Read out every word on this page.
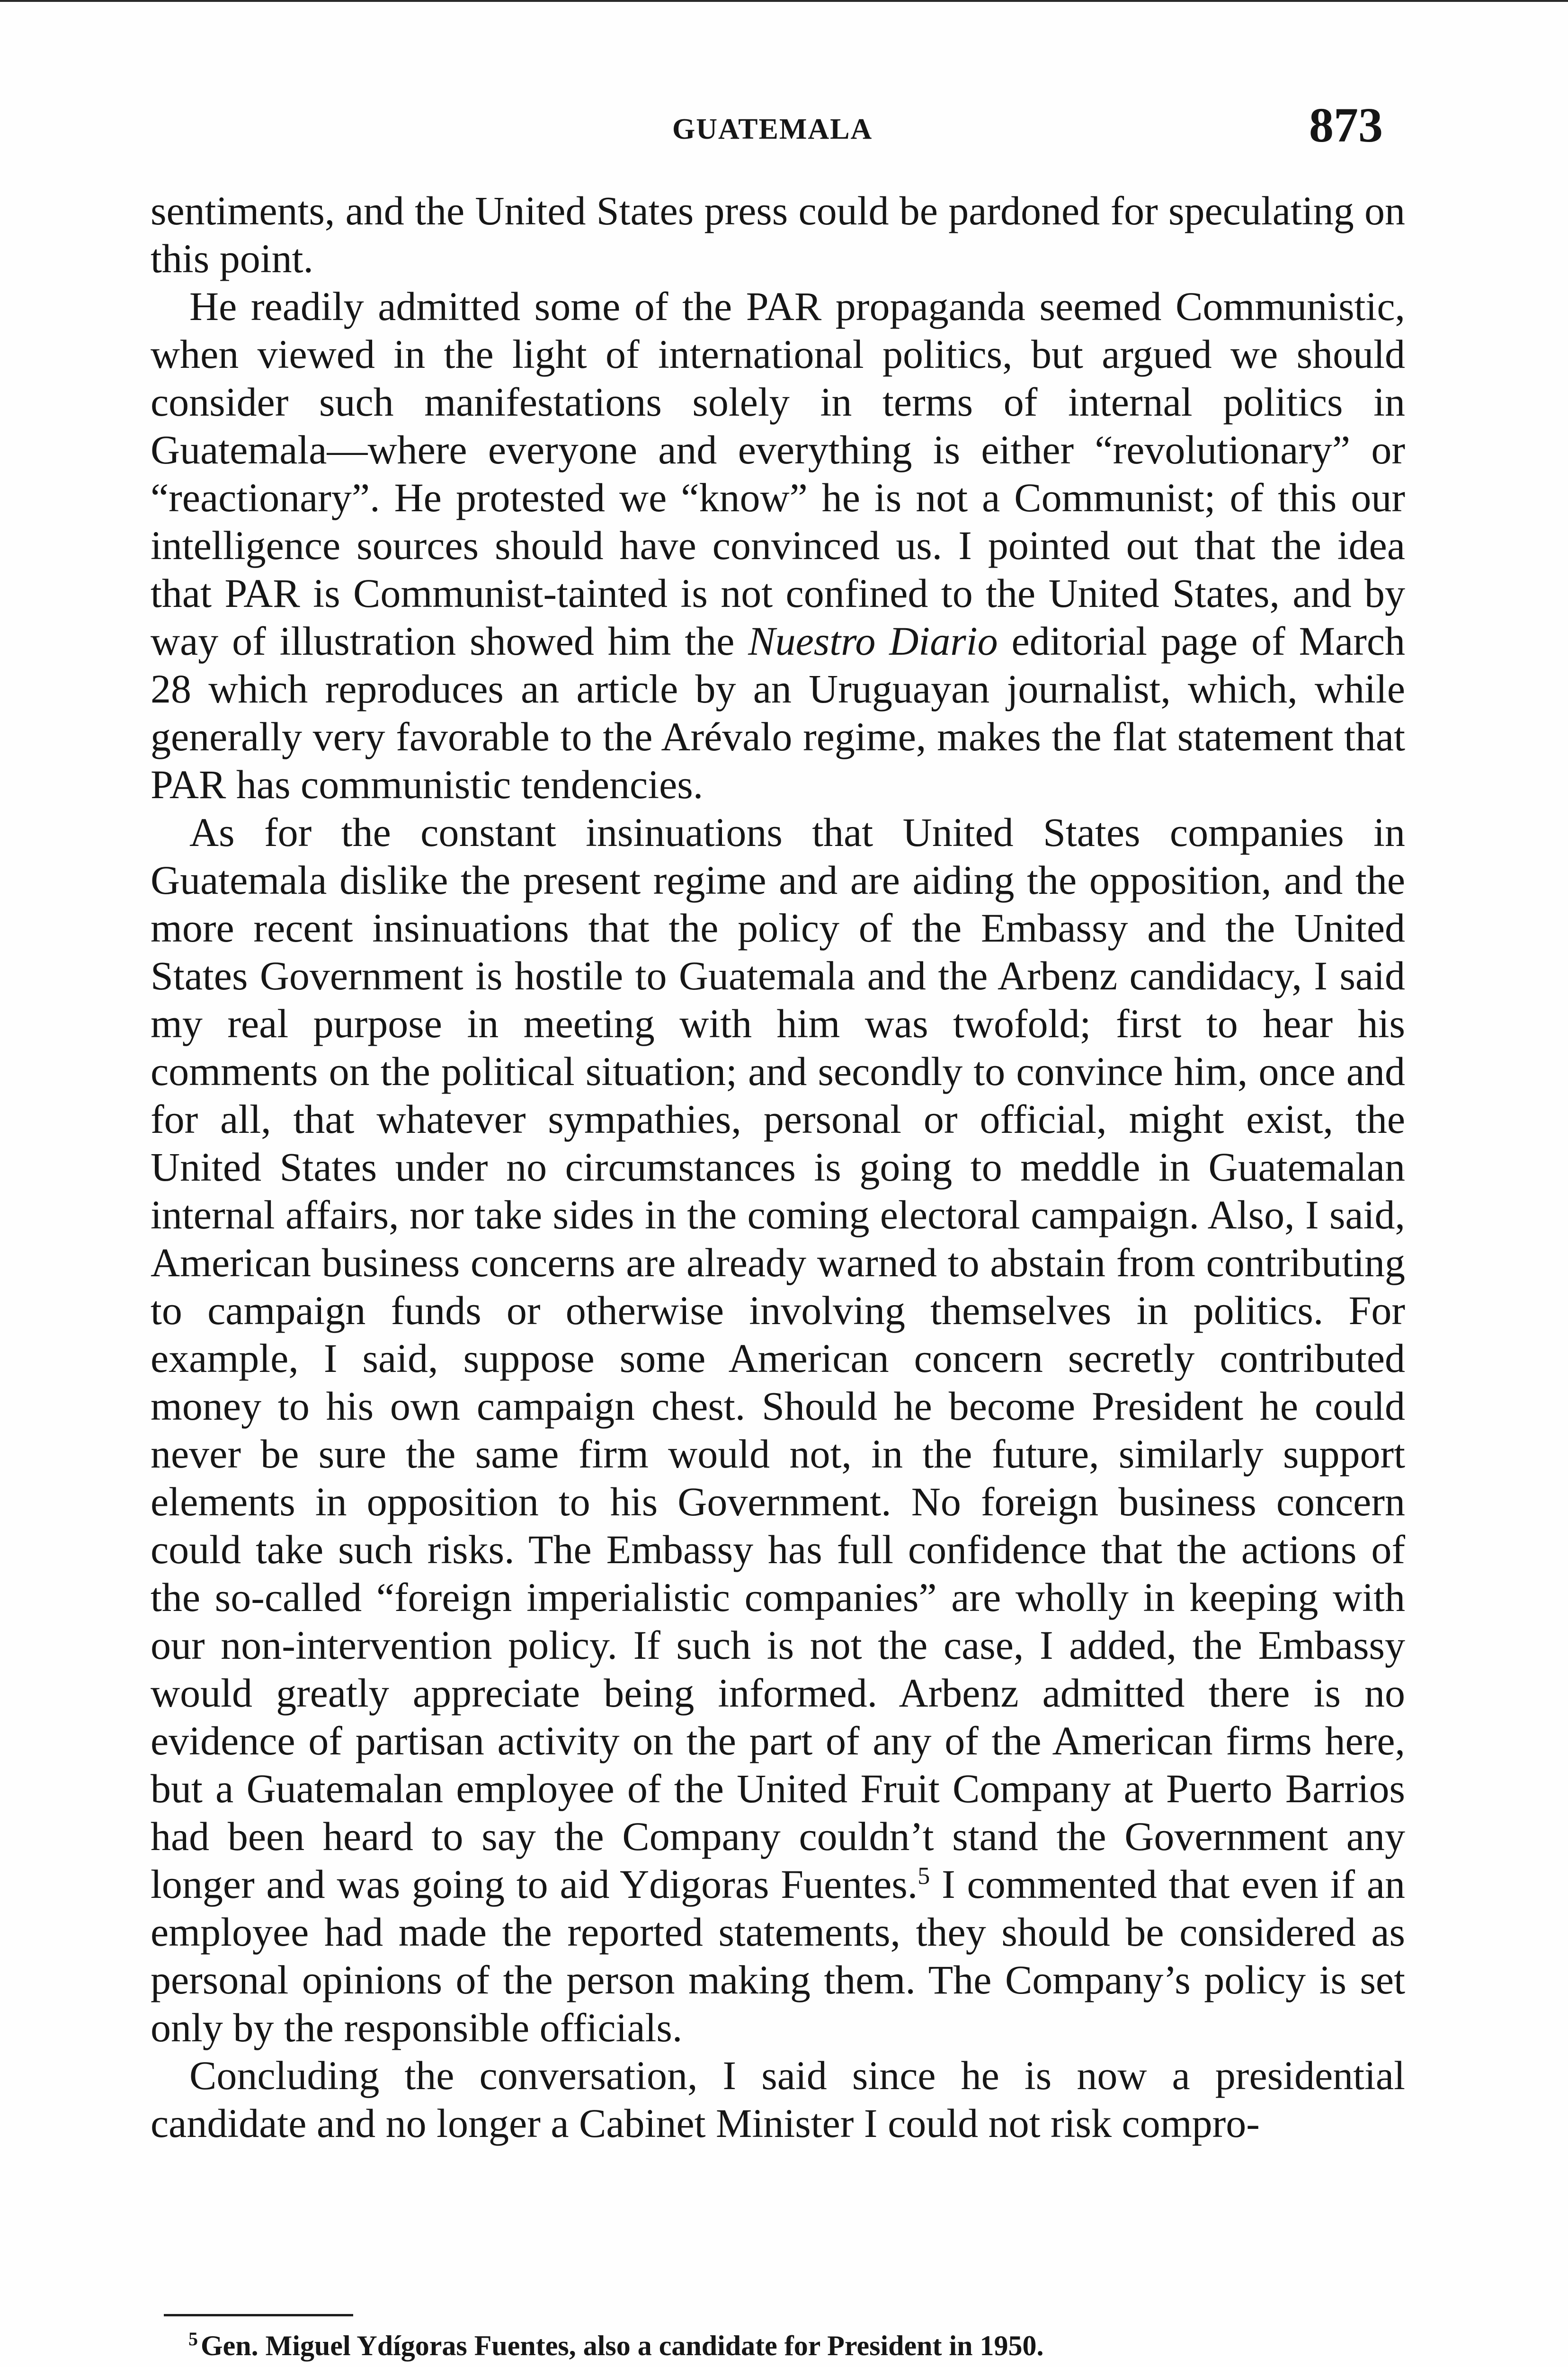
GUATEMALA	873

sentiments, and the United States press could be pardoned for speculating on this point.

He readily admitted some of the PAR propaganda seemed Communistic, when viewed in the light of international politics, but argued we should consider such manifestations solely in terms of internal politics in Guatemala—where everyone and everything is either “revolutionary” or “reactionary”. He protested we “know” he is not a Communist; of this our intelligence sources should have convinced us. I pointed out that the idea that PAR is Communist-tainted is not confined to the United States, and by way of illustration showed him the Nuestro Diario editorial page of March 28 which reproduces an article by an Uruguayan journalist, which, while generally very favorable to the Arévalo regime, makes the flat statement that PAR has communistic tendencies.

As for the constant insinuations that United States companies in Guatemala dislike the present regime and are aiding the opposition, and the more recent insinuations that the policy of the Embassy and the United States Government is hostile to Guatemala and the Arbenz candidacy, I said my real purpose in meeting with him was twofold; first to hear his comments on the political situation; and secondly to convince him, once and for all, that whatever sympathies, personal or official, might exist, the United States under no circumstances is going to meddle in Guatemalan internal affairs, nor take sides in the coming electoral campaign. Also, I said, American business concerns are already warned to abstain from contributing to campaign funds or otherwise involving themselves in politics. For example, I said, suppose some American concern secretly contributed money to his own campaign chest. Should he become President he could never be sure the same firm would not, in the future, similarly support elements in opposition to his Government. No foreign business concern could take such risks. The Embassy has full confidence that the actions of the so-called “foreign imperialistic companies” are wholly in keeping with our non-intervention policy. If such is not the case, I added, the Embassy would greatly appreciate being informed. Arbenz admitted there is no evidence of partisan activity on the part of any of the American firms here, but a Guatemalan employee of the United Fruit Company at Puerto Barrios had been heard to say the Company couldn’t stand the Government any longer and was going to aid Ydigoras Fuentes.$^5$ I commented that even if an employee had made the reported statements, they should be considered as personal opinions of the person making them. The Company’s policy is set only by the responsible officials.

Concluding the conversation, I said since he is now a presidential candidate and no longer a Cabinet Minister I could not risk compro-

$^5$ Gen. Miguel Ydígoras Fuentes, also a candidate for President in 1950.
